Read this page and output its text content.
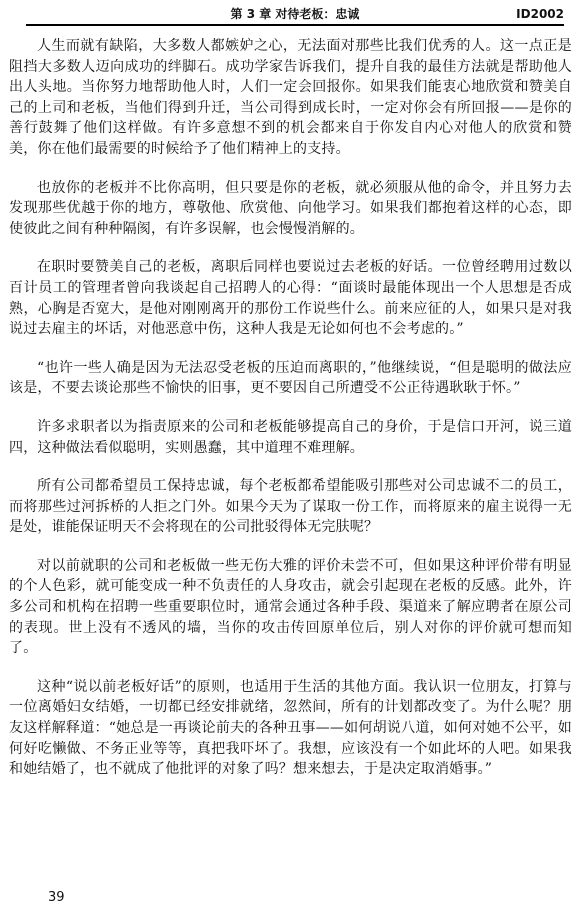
第 3 章 对待老板：忠诚	ID2002

人生而就有缺陷，大多数人都嫉妒之心，无法面对那些比我们优秀的人。这一点正是阻挡大多数人迈向成功的绊脚石。成功学家告诉我们，提升自我的最佳方法就是帮助他人出人头地。当你努力地帮助他人时，人们一定会回报你。如果我们能衷心地欣赏和赞美自己的上司和老板，当他们得到升迁，当公司得到成长时，一定对你会有所回报——是你的善行鼓舞了他们这样做。有许多意想不到的机会都来自于你发自内心对他人的欣赏和赞美，你在他们最需要的时候给予了他们精神上的支持。

也放你的老板并不比你高明，但只要是你的老板，就必须服从他的命令，并且努力去发现那些优越于你的地方，尊敬他、欣赏他、向他学习。如果我们都抱着这样的心态，即使彼此之间有种种隔阂，有许多误解，也会慢慢消解的。

在职时要赞美自己的老板，离职后同样也要说过去老板的好话。一位曾经聘用过数以百计员工的管理者曾向我谈起自己招聘人的心得：“面谈时最能体现出一个人思想是否成熟，心胸是否宽大，是他对刚刚离开的那份工作说些什么。前来应征的人，如果只是对我说过去雇主的坏话，对他恶意中伤，这种人我是无论如何也不会考虑的。”

“也许一些人确是因为无法忍受老板的压迫而离职的，”他继续说，“但是聪明的做法应该是，不要去谈论那些不愉快的旧事，更不要因自己所遭受不公正待遇耿耿于怀。”

许多求职者以为指责原来的公司和老板能够提高自己的身价，于是信口开河，说三道四，这种做法看似聪明，实则愚蠢，其中道理不难理解。

所有公司都希望员工保持忠诚，每个老板都希望能吸引那些对公司忠诚不二的员工，而将那些过河拆桥的人拒之门外。如果今天为了谋取一份工作，而将原来的雇主说得一无是处，谁能保证明天不会将现在的公司批驳得体无完肤呢？

对以前就职的公司和老板做一些无伤大雅的评价未尝不可，但如果这种评价带有明显的个人色彩，就可能变成一种不负责任的人身攻击，就会引起现在老板的反感。此外，许多公司和机构在招聘一些重要职位时，通常会通过各种手段、渠道来了解应聘者在原公司的表现。世上没有不透风的墙，当你的攻击传回原单位后，别人对你的评价就可想而知了。

这种“说以前老板好话”的原则，也适用于生活的其他方面。我认识一位朋友，打算与一位离婚妇女结婚，一切都已经安排就绪，忽然间，所有的计划都改变了。为什么呢？朋友这样解释道：“她总是一再谈论前夫的各种丑事——如何胡说八道，如何对她不公平，如何好吃懒做、不务正业等等，真把我吓坏了。我想，应该没有一个如此坏的人吧。如果我和她结婚了，也不就成了他批评的对象了吗？想来想去，于是决定取消婚事。”

39
